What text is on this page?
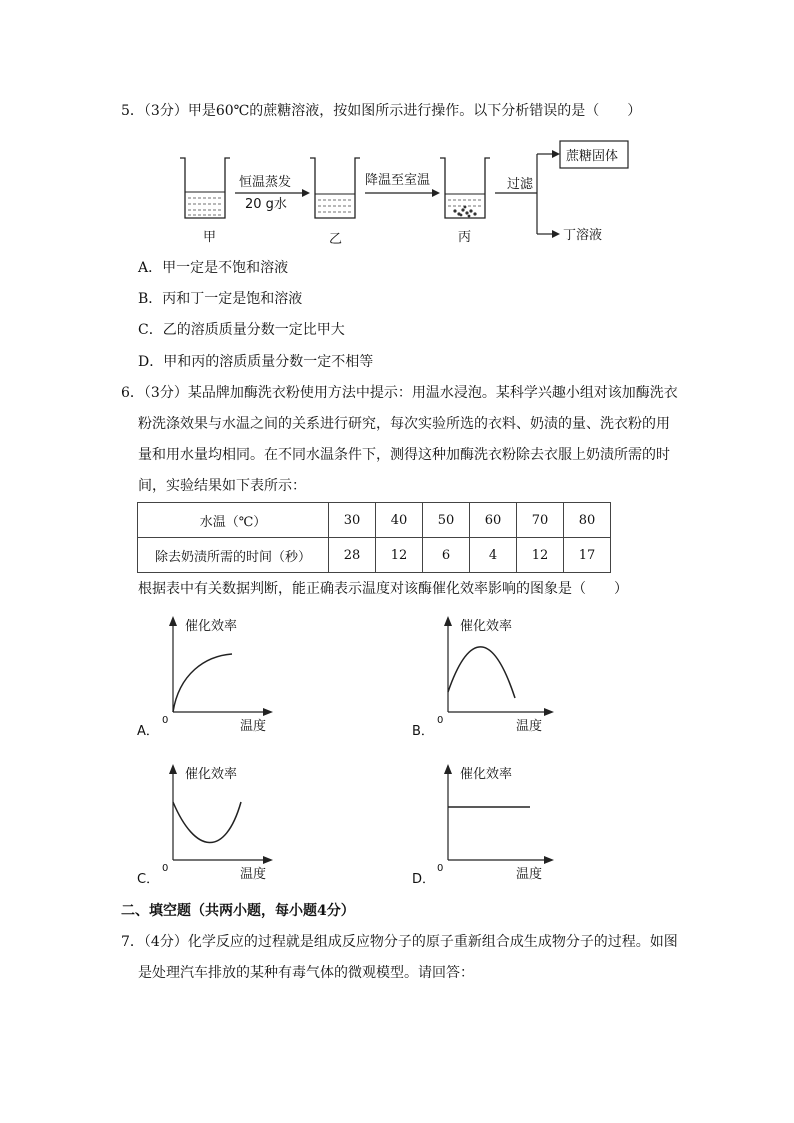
5．（3分）甲是60℃的蔗糖溶液，按如图所示进行操作。以下分析错误的是（　　）
恒温蒸发
20 g水
降温至室温	过滤
蔗糖固体
丁溶液
甲	乙	丙
A．甲一定是不饱和溶液
B．丙和丁一定是饱和溶液
C．乙的溶质质量分数一定比甲大
D．甲和丙的溶质质量分数一定不相等
6．（3分）某品牌加酶洗衣粉使用方法中提示：用温水浸泡。某科学兴趣小组对该加酶洗衣
粉洗涤效果与水温之间的关系进行研究，每次实验所选的衣料、奶渍的量、洗衣粉的用
量和用水量均相同。在不同水温条件下，测得这种加酶洗衣粉除去衣服上奶渍所需的时
间，实验结果如下表所示：
水温（℃）	30	40	50	60	70	80
除去奶渍所需的时间（秒）	28	12	6	4	12	17
根据表中有关数据判断，能正确表示温度对该酶催化效率影响的图象是（　　）
催化效率
温度
0
A．
催化效率
温度
0
B．
催化效率
温度
0
C．
催化效率
温度
0
D．
二、填空题（共两小题，每小题4分）
7．（4分）化学反应的过程就是组成反应物分子的原子重新组合成生成物分子的过程。如图
是处理汽车排放的某种有毒气体的微观模型。请回答：
